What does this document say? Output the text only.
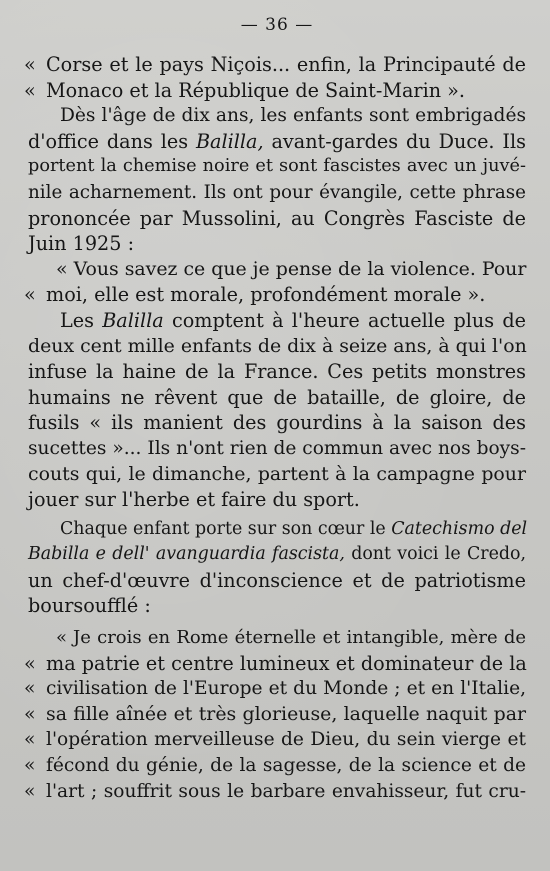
— 36 —
« Corse et le pays Niçois... enfin, la Principauté de
« Monaco et la République de Saint-Marin ».
Dès l'âge de dix ans, les enfants sont embrigadés
d'office dans les Balilla, avant-gardes du Duce. Ils
portent la chemise noire et sont fascistes avec un juvé-
nile acharnement. Ils ont pour évangile, cette phrase
prononcée par Mussolini, au Congrès Fasciste de
Juin 1925 :
« Vous savez ce que je pense de la violence. Pour
« moi, elle est morale, profondément morale ».
Les Balilla comptent à l'heure actuelle plus de
deux cent mille enfants de dix à seize ans, à qui l'on
infuse la haine de la France. Ces petits monstres
humains ne rêvent que de bataille, de gloire, de
fusils « ils manient des gourdins à la saison des
sucettes »... Ils n'ont rien de commun avec nos boys-
couts qui, le dimanche, partent à la campagne pour
jouer sur l'herbe et faire du sport.
Chaque enfant porte sur son cœur le Catechismo del
Babilla e dell' avanguardia fascista, dont voici le Credo,
un chef-d'œuvre d'inconscience et de patriotisme
boursoufflé :
« Je crois en Rome éternelle et intangible, mère de
« ma patrie et centre lumineux et dominateur de la
« civilisation de l'Europe et du Monde ; et en l'Italie,
« sa fille aînée et très glorieuse, laquelle naquit par
« l'opération merveilleuse de Dieu, du sein vierge et
« fécond du génie, de la sagesse, de la science et de
« l'art ; souffrit sous le barbare envahisseur, fut cru-
